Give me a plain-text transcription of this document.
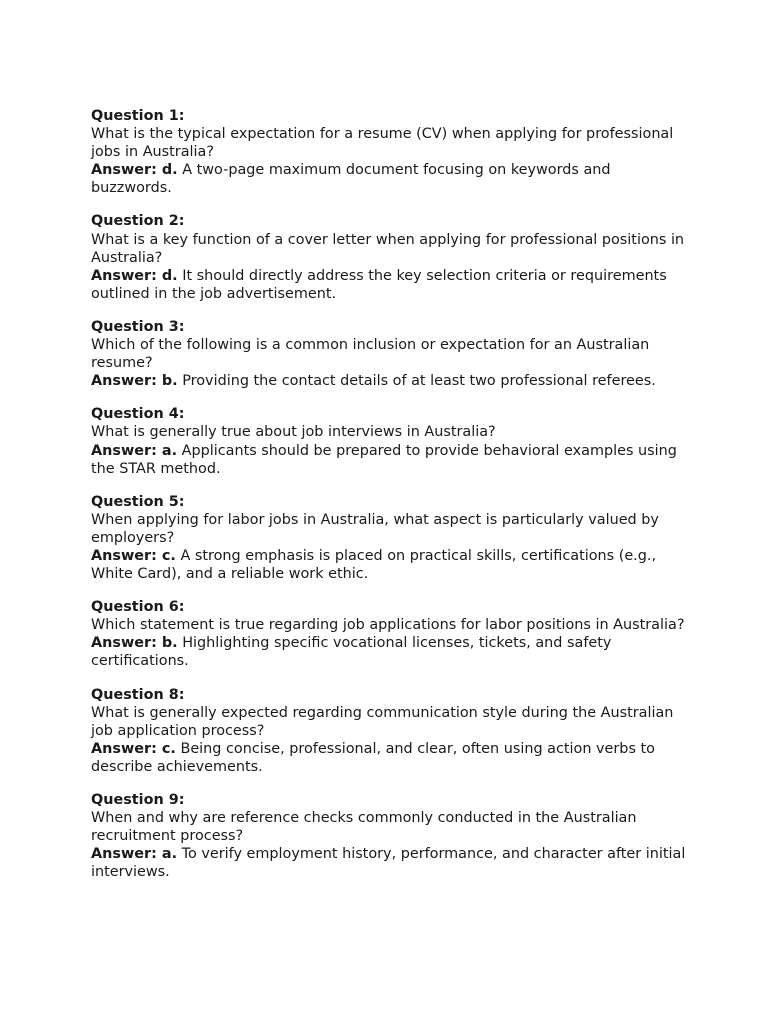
Question 1:

What is the typical expectation for a resume (CV) when applying for professional jobs in Australia?

Answer: d. A two-page maximum document focusing on keywords and buzzwords.

Question 2:

What is a key function of a cover letter when applying for professional positions in Australia?

Answer: d. It should directly address the key selection criteria or requirements outlined in the job advertisement.

Question 3:

Which of the following is a common inclusion or expectation for an Australian resume?

Answer: b. Providing the contact details of at least two professional referees.

Question 4:

What is generally true about job interviews in Australia?

Answer: a. Applicants should be prepared to provide behavioral examples using the STAR method.

Question 5:

When applying for labor jobs in Australia, what aspect is particularly valued by employers?

Answer: c. A strong emphasis is placed on practical skills, certifications (e.g., White Card), and a reliable work ethic.

Question 6:

Which statement is true regarding job applications for labor positions in Australia?

Answer: b. Highlighting specific vocational licenses, tickets, and safety certifications.

Question 8:

What is generally expected regarding communication style during the Australian job application process?

Answer: c. Being concise, professional, and clear, often using action verbs to describe achievements.

Question 9:

When and why are reference checks commonly conducted in the Australian recruitment process?

Answer: a. To verify employment history, performance, and character after initial interviews.
